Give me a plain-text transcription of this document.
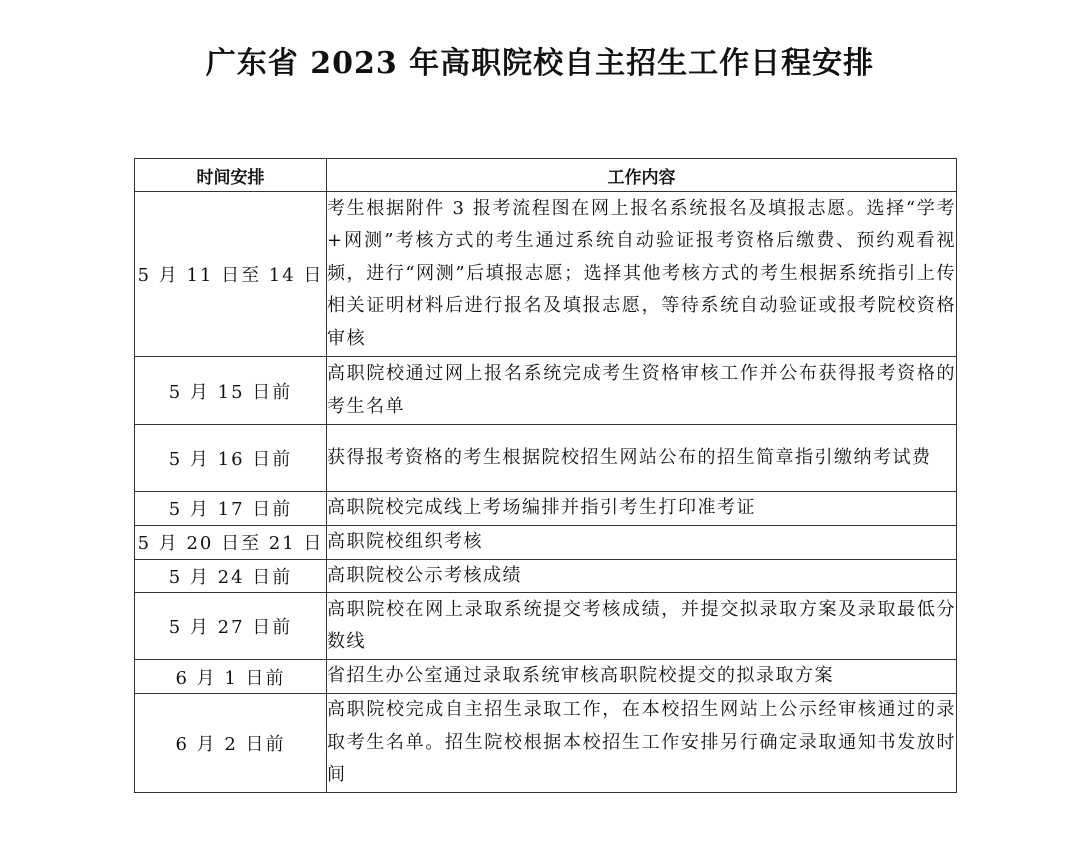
广东省 2023 年高职院校自主招生工作日程安排
时间安排	工作内容
5 月 11 日至 14 日	考生根据附件 3 报考流程图在网上报名系统报名及填报志愿。选择“学考+网测”考核方式的考生通过系统自动验证报考资格后缴费、预约观看视频，进行“网测”后填报志愿；选择其他考核方式的考生根据系统指引上传相关证明材料后进行报名及填报志愿，等待系统自动验证或报考院校资格审核
5 月 15 日前	高职院校通过网上报名系统完成考生资格审核工作并公布获得报考资格的考生名单
5 月 16 日前	获得报考资格的考生根据院校招生网站公布的招生简章指引缴纳考试费
5 月 17 日前	高职院校完成线上考场编排并指引考生打印准考证
5 月 20 日至 21 日	高职院校组织考核
5 月 24 日前	高职院校公示考核成绩
5 月 27 日前	高职院校在网上录取系统提交考核成绩，并提交拟录取方案及录取最低分数线
6 月 1 日前	省招生办公室通过录取系统审核高职院校提交的拟录取方案
6 月 2 日前	高职院校完成自主招生录取工作，在本校招生网站上公示经审核通过的录取考生名单。招生院校根据本校招生工作安排另行确定录取通知书发放时间
